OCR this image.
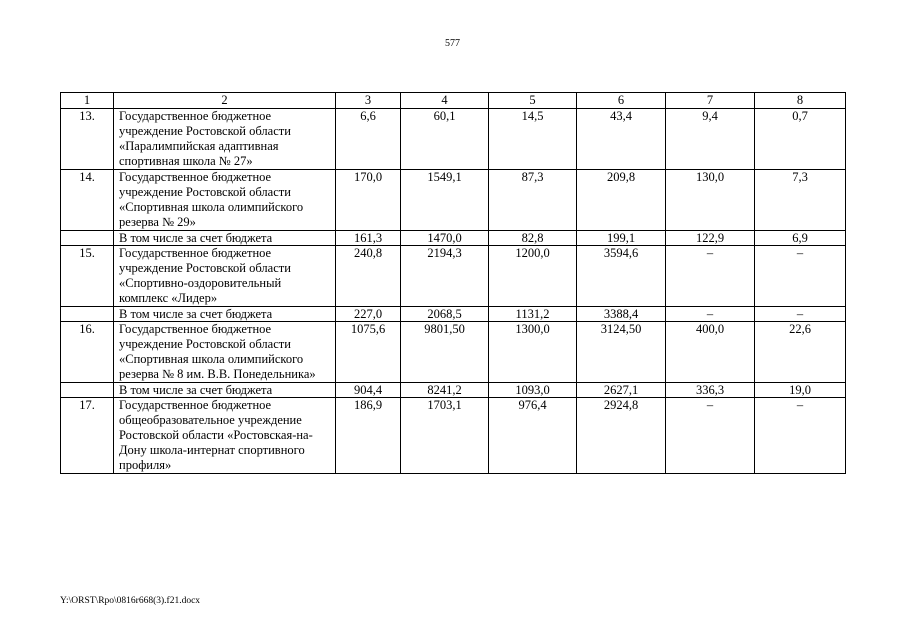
577
1	2	3	4	5	6	7	8
13.	Государственное бюджетное учреждение Ростовской области «Паралимпийская адаптивная спортивная школа № 27»	6,6	60,1	14,5	43,4	9,4	0,7
14.	Государственное бюджетное учреждение Ростовской области «Спортивная школа олимпийского резерва № 29»	170,0	1549,1	87,3	209,8	130,0	7,3
	В том числе за счет бюджета	161,3	1470,0	82,8	199,1	122,9	6,9
15.	Государственное бюджетное учреждение Ростовской области «Спортивно-оздоровительный комплекс «Лидер»	240,8	2194,3	1200,0	3594,6	–	–
	В том числе за счет бюджета	227,0	2068,5	1131,2	3388,4	–	–
16.	Государственное бюджетное учреждение Ростовской области «Спортивная школа олимпийского резерва № 8 им. В.В. Понедельника»	1075,6	9801,50	1300,0	3124,50	400,0	22,6
	В том числе за счет бюджета	904,4	8241,2	1093,0	2627,1	336,3	19,0
17.	Государственное бюджетное общеобразовательное учреждение Ростовской области «Ростовская-на-Дону школа-интернат спортивного профиля»	186,9	1703,1	976,4	2924,8	–	–
Y:\ORST\Rpo\0816r668(3).f21.docx
